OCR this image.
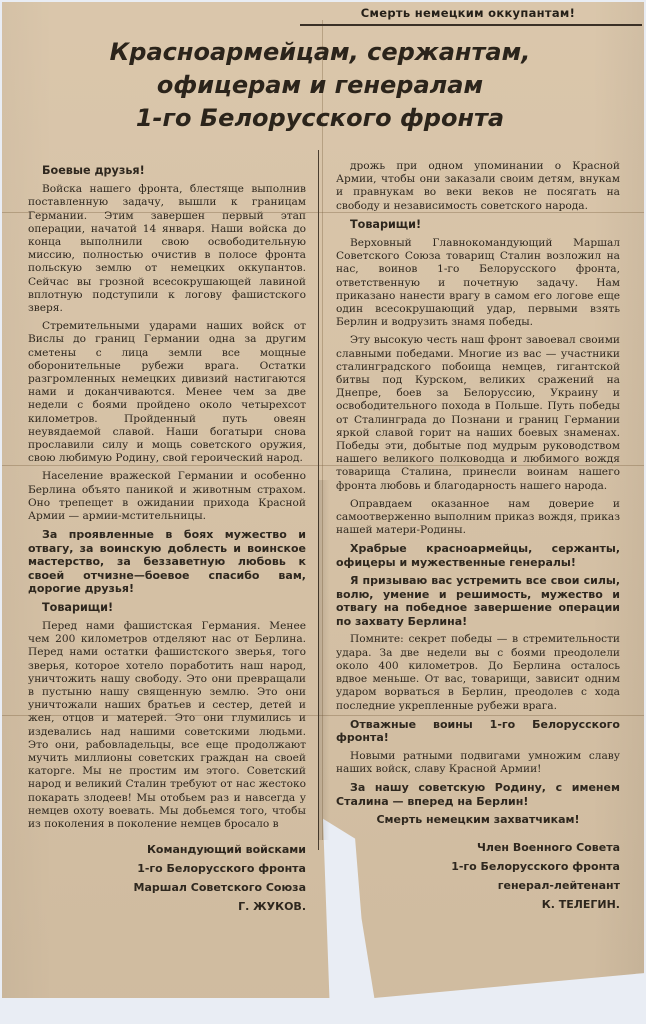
Смерть немецким оккупантам!
Красноармейцам, сержантам,
офицерам и генералам
1-го Белорусского фронта

Боевые друзья!

Войска нашего фронта, блестяще выполнив поставленную задачу, вышли к границам Германии. Этим завершен первый этап операции, начатой 14 января. Наши войска до конца выполнили свою освободительную миссию, полностью очистив в полосе фронта польскую землю от немецких оккупантов. Сейчас вы грозной всесокрушающей лавиной вплотную подступили к логову фашистского зверя.

Стремительными ударами наших войск от Вислы до границ Германии одна за другим сметены с лица земли все мощные оборонительные рубежи врага. Остатки разгромленных немецких дивизий настигаются нами и доканчиваются. Менее чем за две недели с боями пройдено около четырехсот километров. Пройденный путь овеян неувядаемой славой. Наши богатыри снова прославили силу и мощь советского оружия, свою любимую Родину, свой героический народ.

Население вражеской Германии и особенно Берлина объято паникой и животным страхом. Оно трепещет в ожидании прихода Красной Армии — армии-мстительницы.

За проявленные в боях мужество и отвагу, за воинскую доблесть и воинское мастерство, за беззаветную любовь к своей отчизне—боевое спасибо вам, дорогие друзья!

Товарищи!

Перед нами фашистская Германия. Менее чем 200 километров отделяют нас от Берлина. Перед нами остатки фашистского зверья, того зверья, которое хотело поработить наш народ, уничтожить нашу свободу. Это они превращали в пустыню нашу священную землю. Это они уничтожали наших братьев и сестер, детей и жен, отцов и матерей. Это они глумились и издевались над нашими советскими людьми. Это они, рабовладельцы, все еще продолжают мучить миллионы советских граждан на своей каторге. Мы не простим им этого. Советский народ и великий Сталин требуют от нас жестоко покарать злодеев! Мы отобьем раз и навсегда у немцев охоту воевать. Мы добьемся того, чтобы из поколения в поколение немцев бросало в

Командующий войсками

1-го Белорусского фронта

Маршал Советского Союза

Г. ЖУКОВ.

дрожь при одном упоминании о Красной Армии, чтобы они заказали своим детям, внукам и правнукам во веки веков не посягать на свободу и независимость советского народа.

Товарищи!

Верховный Главнокомандующий Маршал Советского Союза товарищ Сталин возложил на нас, воинов 1-го Белорусского фронта, ответственную и почетную задачу. Нам приказано нанести врагу в самом его логове еще один всесокрушающий удар, первыми взять Берлин и водрузить знамя победы.

Эту высокую честь наш фронт завоевал своими славными победами. Многие из вас — участники сталинградского побоища немцев, гигантской битвы под Курском, великих сражений на Днепре, боев за Белоруссию, Украину и освободительного похода в Польше. Путь победы от Сталинграда до Познани и границ Германии яркой славой горит на наших боевых знаменах. Победы эти, добытые под мудрым руководством нашего великого полководца и любимого вождя товарища Сталина, принесли воинам нашего фронта любовь и благодарность нашего народа.

Оправдаем оказанное нам доверие и самоотверженно выполним приказ вождя, приказ нашей матери-Родины.

Храбрые красноармейцы, сержанты, офицеры и мужественные генералы!

Я призываю вас устремить все свои силы, волю, умение и решимость, мужество и отвагу на победное завершение операции по захвату Берлина!

Помните: секрет победы — в стремительности удара. За две недели вы с боями преодолели около 400 километров. До Берлина осталось вдвое меньше. От вас, товарищи, зависит одним ударом ворваться в Берлин, преодолев с хода последние укрепленные рубежи врага.

Отважные воины 1-го Белорусского фронта!

Новыми ратными подвигами умножим славу наших войск, славу Красной Армии!

За нашу советскую Родину, с именем Сталина — вперед на Берлин!

Смерть немецким захватчикам!

Член Военного Совета

1-го Белорусского фронта

генерал-лейтенант

К. ТЕЛЕГИН.
